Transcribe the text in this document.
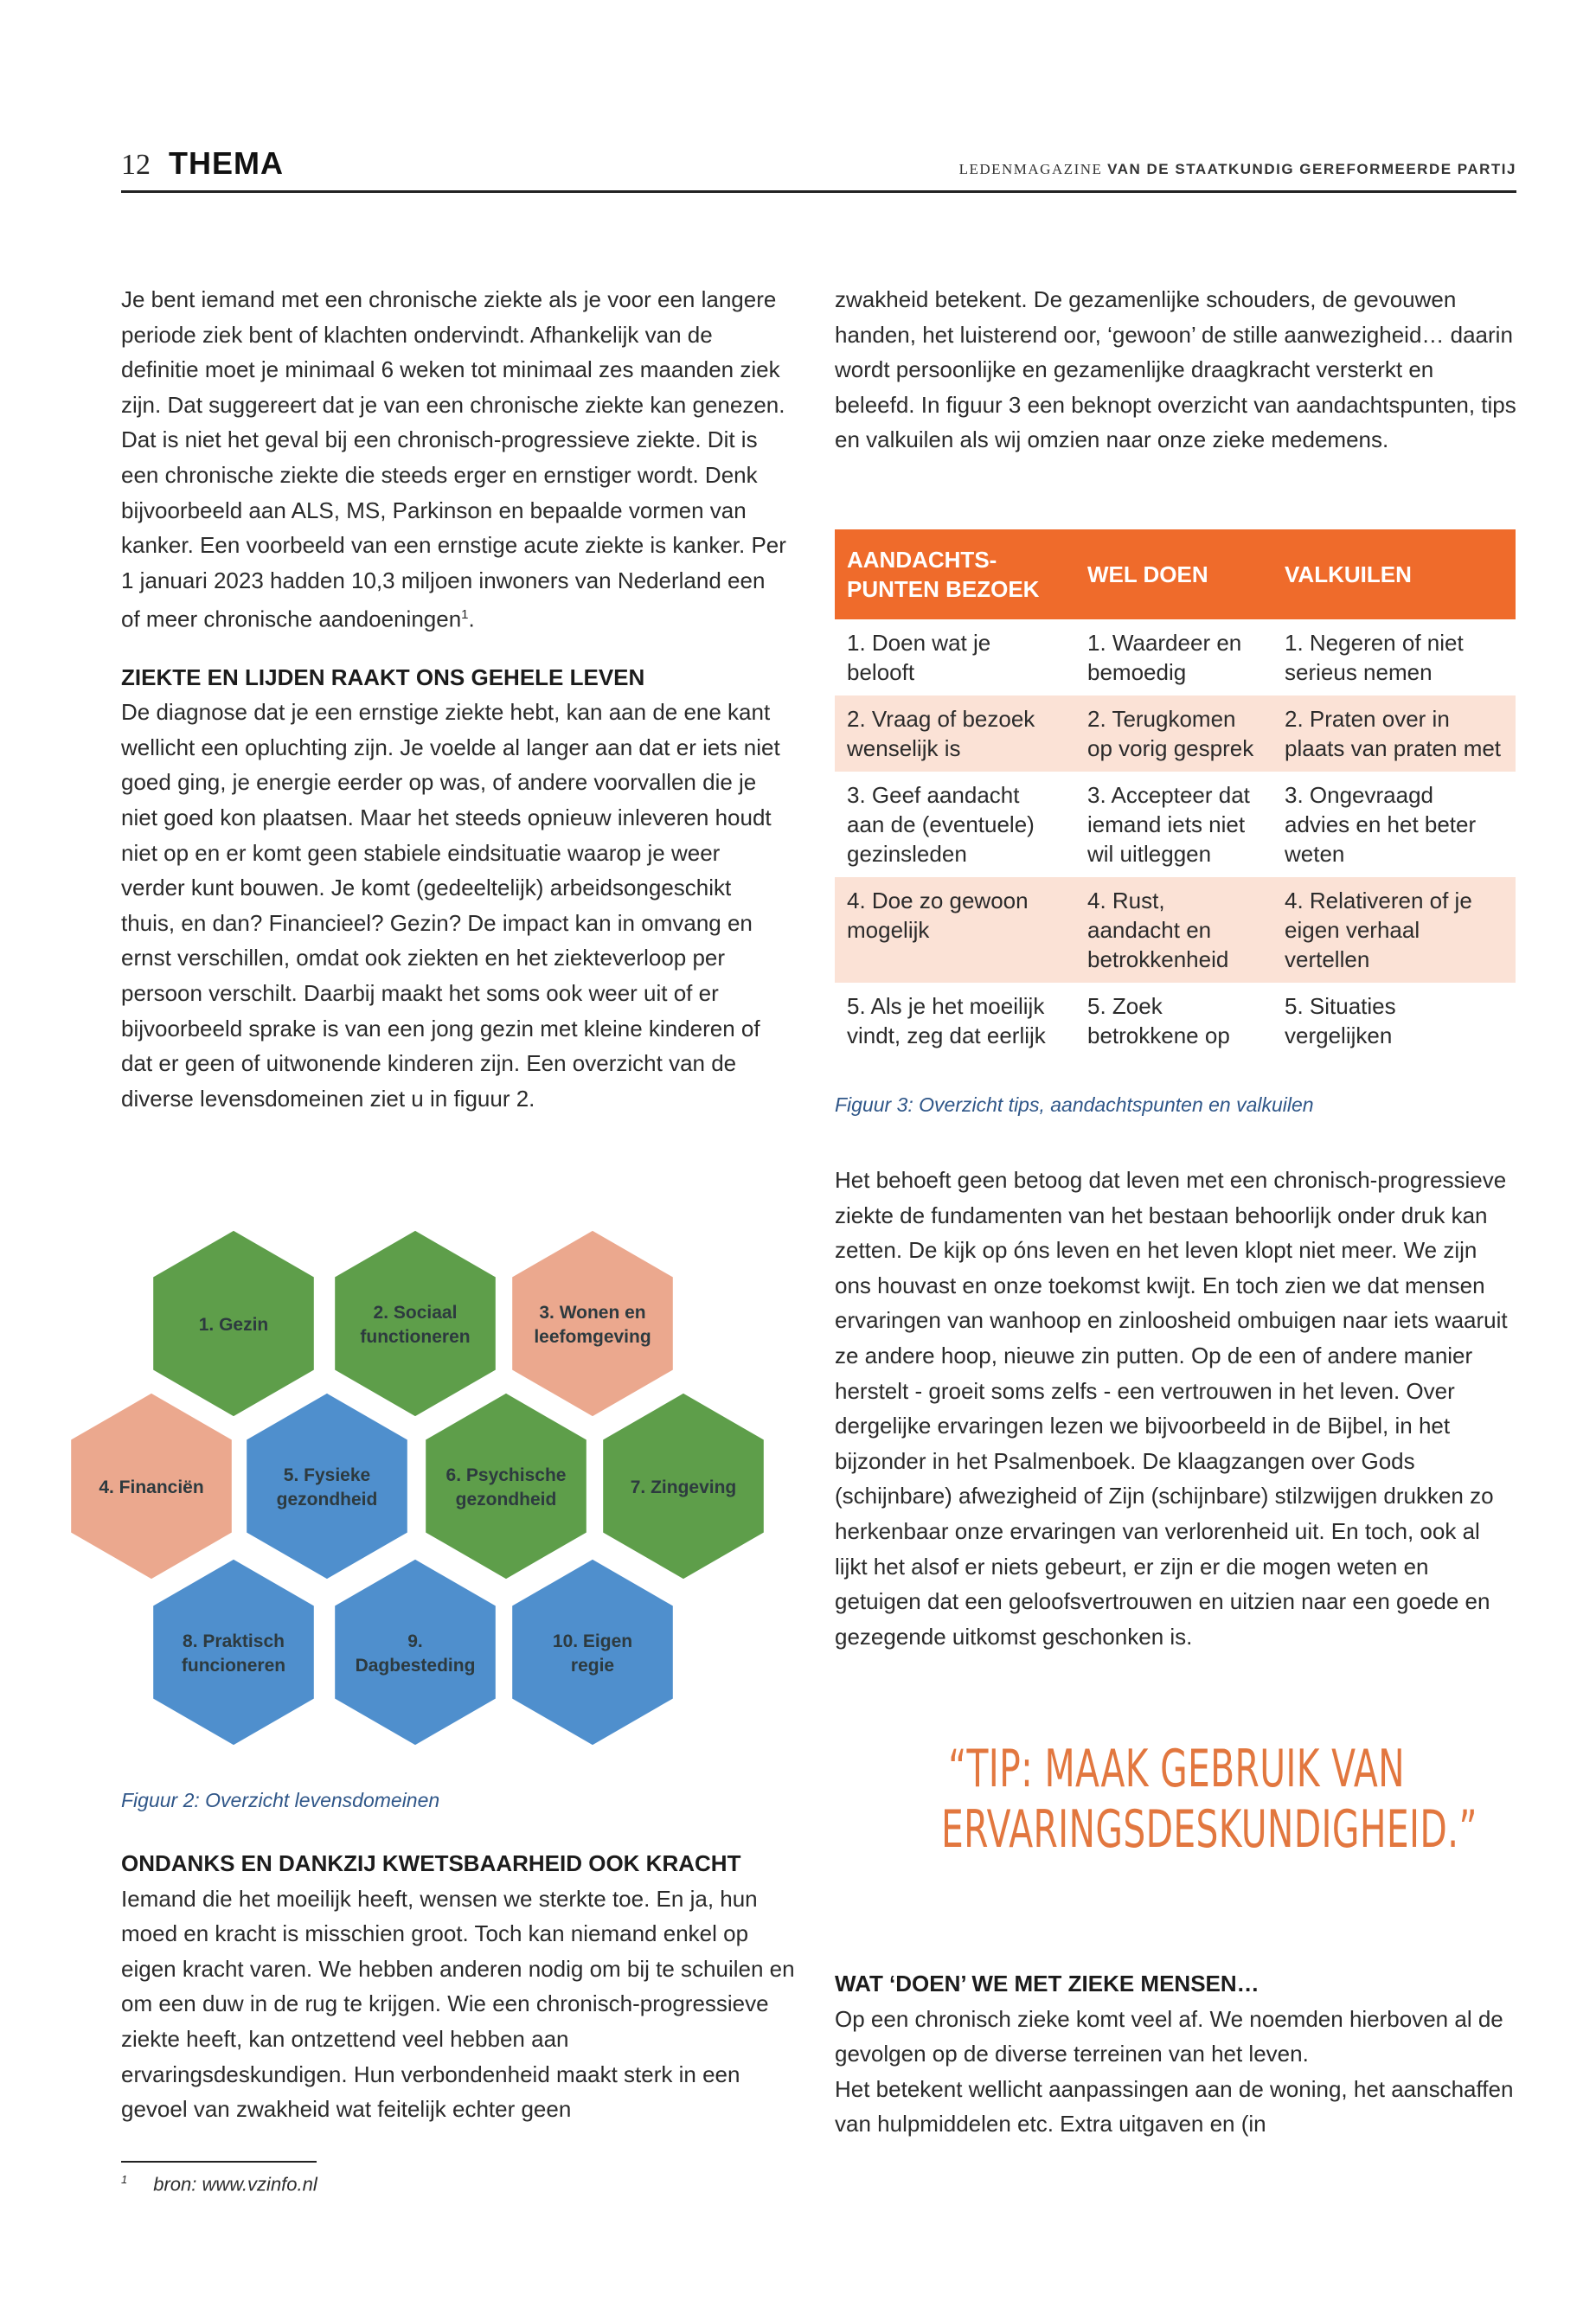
12 THEMA	LEDENMAGAZINE VAN DE STAATKUNDIG GEREFORMEERDE PARTIJ

Je bent iemand met een chronische ziekte als je voor een langere periode ziek bent of klachten ondervindt. Afhankelijk van de definitie moet je minimaal 6 weken tot minimaal zes maanden ziek zijn. Dat suggereert dat je van een chronische ziekte kan genezen. Dat is niet het geval bij een chronisch-progressieve ziekte. Dit is een chronische ziekte die steeds erger en ernstiger wordt. Denk bijvoorbeeld aan ALS, MS, Parkinson en bepaalde vormen van kanker. Een voorbeeld van een ernstige acute ziekte is kanker. Per 1 januari 2023 hadden 10,3 miljoen inwoners van Nederland een of meer chronische aandoeningen$^1$.

ZIEKTE EN LIJDEN RAAKT ONS GEHELE LEVEN

De diagnose dat je een ernstige ziekte hebt, kan aan de ene kant wellicht een opluchting zijn. Je voelde al langer aan dat er iets niet goed ging, je energie eerder op was, of andere voorvallen die je niet goed kon plaatsen. Maar het steeds opnieuw inleveren houdt niet op en er komt geen stabiele eindsituatie waarop je weer verder kunt bouwen. Je komt (gedeeltelijk) arbeidsongeschikt thuis, en dan? Financieel? Gezin? De impact kan in omvang en ernst verschillen, omdat ook ziekten en het ziekteverloop per persoon verschilt. Daarbij maakt het soms ook weer uit of er bijvoorbeeld sprake is van een jong gezin met kleine kinderen of dat er geen of uitwonende kinderen zijn. Een overzicht van de diverse levensdomeinen ziet u in figuur 2.

1. Gezin
2. Sociaal
functioneren
3. Wonen en
leefomgeving
4. Financiën
5. Fysieke
gezondheid
6. Psychische
gezondheid
7. Zingeving
8. Praktisch
funcioneren
9.
Dagbesteding
10. Eigen
regie
Figuur 2: Overzicht levensdomeinen

ONDANKS EN DANKZIJ KWETSBAARHEID OOK KRACHT

Iemand die het moeilijk heeft, wensen we sterkte toe. En ja, hun moed en kracht is misschien groot. Toch kan niemand enkel op eigen kracht varen. We hebben anderen nodig om bij te schuilen en om een duw in de rug te krijgen. Wie een chronisch-progressieve ziekte heeft, kan ontzettend veel hebben aan ervaringsdeskundigen. Hun verbondenheid maakt sterk in een gevoel van zwakheid wat feitelijk echter geen

zwakheid betekent. De gezamenlijke schouders, de gevouwen handen, het luisterend oor, ‘gewoon’ de stille aanwezigheid… daarin wordt persoonlijke en gezamenlijke draagkracht versterkt en beleefd. In figuur 3 een beknopt overzicht van aandachtspunten, tips en valkuilen als wij omzien naar onze zieke medemens.
AANDACHTS-PUNTEN BEZOEK	WEL DOEN	VALKUILEN
1. Doen wat je belooft	1. Waardeer en bemoedig	1. Negeren of niet serieus nemen
2. Vraag of bezoek wenselijk is	2. Terugkomen op vorig gesprek	2. Praten over in plaats van praten met
3. Geef aandacht aan de (eventuele) gezinsleden	3. Accepteer dat iemand iets niet wil uitleggen	3. Ongevraagd advies en het beter weten
4. Doe zo gewoon mogelijk	4. Rust, aandacht en betrokkenheid	4. Relativeren of je eigen verhaal vertellen
5. Als je het moeilijk vindt, zeg dat eerlijk	5. Zoek betrokkene op	5. Situaties vergelijken
Figuur 3: Overzicht tips, aandachtspunten en valkuilen
Het behoeft geen betoog dat leven met een chronisch-progressieve ziekte de fundamenten van het bestaan behoorlijk onder druk kan zetten. De kijk op óns leven en het leven klopt niet meer. We zijn ons houvast en onze toekomst kwijt. En toch zien we dat mensen ervaringen van wanhoop en zinloosheid ombuigen naar iets waaruit ze andere hoop, nieuwe zin putten. Op de een of andere manier herstelt - groeit soms zelfs - een vertrouwen in het leven. Over dergelijke ervaringen lezen we bijvoorbeeld in de Bijbel, in het bijzonder in het Psalmenboek. De klaagzangen over Gods (schijnbare) afwezigheid of Zijn (schijnbare) stilzwijgen drukken zo herkenbaar onze ervaringen van verlorenheid uit. En toch, ook al lijkt het alsof er niets gebeurt, er zijn er die mogen weten en getuigen dat een geloofsvertrouwen en uitzien naar een goede en gezegende uitkomst geschonken is.
“TIP: MAAK GEBRUIK VAN ERVARINGSDESKUNDIGHEID.”

WAT ‘DOEN’ WE MET ZIEKE MENSEN…

Op een chronisch zieke komt veel af. We noemden hierboven al de gevolgen op de diverse terreinen van het leven.

Het betekent wellicht aanpassingen aan de woning, het aanschaffen van hulpmiddelen etc. Extra uitgaven en (in

$^1$ bron: www.vzinfo.nl
